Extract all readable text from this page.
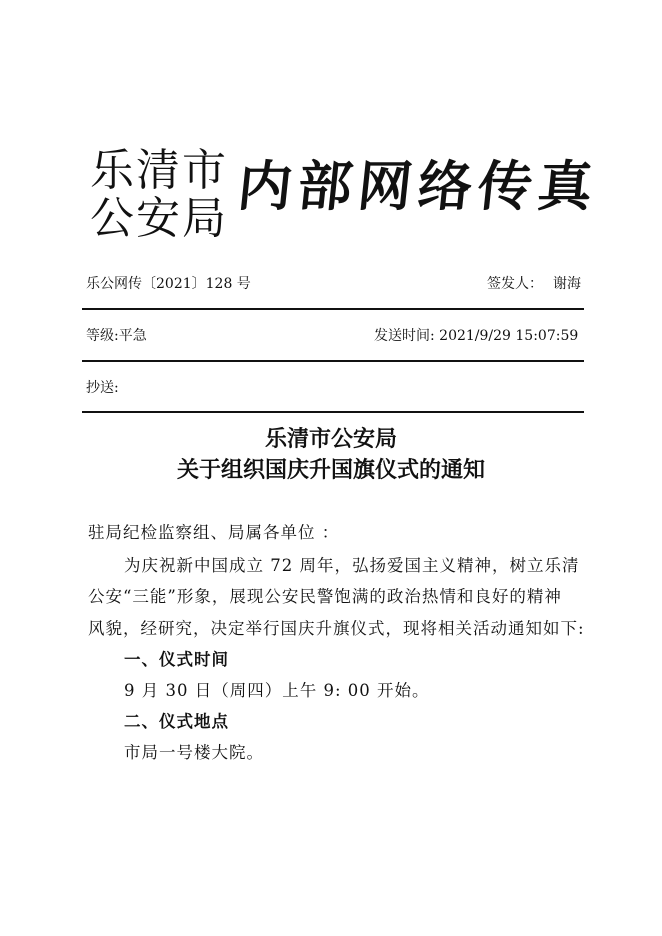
乐清市
公安局
内部网络传真
乐公网传〔2021〕128 号	签发人： 谢海
等级:平急	发送时间: 2021/9/29 15:07:59
抄送:
乐清市公安局
关于组织国庆升国旗仪式的通知
驻局纪检监察组、局属各单位 ：
为庆祝新中国成立 72 周年，弘扬爱国主义精神，树立乐清
公安“三能”形象，展现公安民警饱满的政治热情和良好的精神
风貌，经研究，决定举行国庆升旗仪式，现将相关活动通知如下:
一、仪式时间
9 月 30 日（周四）上午 9: 00 开始。
二、仪式地点
市局一号楼大院。
